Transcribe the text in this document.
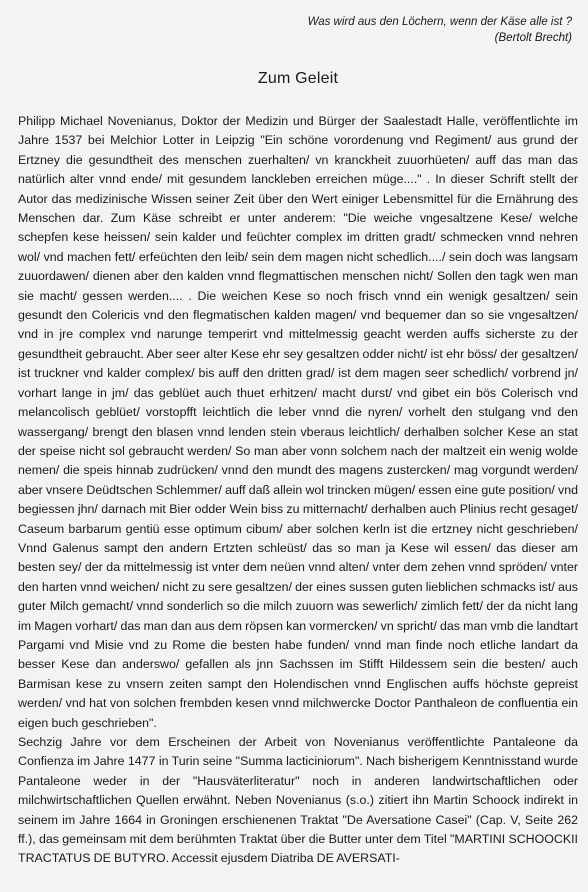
Was wird aus den Löchern, wenn der Käse alle ist ?
(Bertolt Brecht)
Zum Geleit

Philipp Michael Novenianus, Doktor der Medizin und Bürger der Saalestadt Halle, veröffentlichte im Jahre 1537 bei Melchior Lotter in Leipzig "Ein schöne vorordenung vnd Regiment/ aus grund der Ertzney die gesundtheit des menschen zuerhalten/ vn kranckheit zuuorhüeten/ auff das man das natürlich alter vnnd ende/ mit gesundem lanckleben erreichen müge...." . In dieser Schrift stellt der Autor das medizinische Wissen seiner Zeit über den Wert einiger Lebensmittel für die Ernährung des Menschen dar. Zum Käse schreibt er unter anderem: "Die weiche vngesaltzene Kese/ welche schepfen kese heissen/ sein kalder und feüchter complex im dritten gradt/ schmecken vnnd nehren wol/ vnd machen fett/ erfeüchten den leib/ sein dem magen nicht schedlich..../ sein doch was langsam zuuordawen/ dienen aber den kalden vnnd flegmattischen menschen nicht/ Sollen den tagk wen man sie macht/ gessen werden.... . Die weichen Kese so noch frisch vnnd ein wenigk gesaltzen/ sein gesundt den Colericis vnd den flegmatischen kalden magen/ vnd bequemer dan so sie vngesaltzen/ vnd in jre complex vnd narunge temperirt vnd mittelmessig geacht werden auffs sicherste zu der gesundtheit gebraucht. Aber seer alter Kese ehr sey gesaltzen odder nicht/ ist ehr böss/ der gesaltzen/ ist truckner vnd kalder complex/ bis auff den dritten grad/ ist dem magen seer schedlich/ vorbrend jn/ vorhart lange in jm/ das geblüet auch thuet erhitzen/ macht durst/ vnd gibet ein bös Colerisch vnd melancolisch geblüet/ vorstopfft leichtlich die leber vnnd die nyren/ vorhelt den stulgang vnd den wassergang/ brengt den blasen vnnd lenden stein vberaus leichtlich/ derhalben solcher Kese an stat der speise nicht sol gebraucht werden/ So man aber vonn solchem nach der maltzeit ein wenig wolde nemen/ die speis hinnab zudrücken/ vnnd den mundt des magens zustercken/ mag vorgundt werden/ aber vnsere Deüdtschen Schlemmer/ auff daß allein wol trincken mügen/ essen eine gute position/ vnd begiessen jhn/ darnach mit Bier odder Wein biss zu mitternacht/ derhalben auch Plinius recht gesaget/ Caseum barbarum gentiü esse optimum cibum/ aber solchen kerln ist die ertzney nicht geschrieben/ Vnnd Galenus sampt den andern Ertzten schleüst/ das so man ja Kese wil essen/ das dieser am besten sey/ der da mittelmessig ist vnter dem neüen vnnd alten/ vnter dem zehen vnnd spröden/ vnter den harten vnnd weichen/ nicht zu sere gesaltzen/ der eines sussen guten lieblichen schmacks ist/ aus guter Milch gemacht/ vnnd sonderlich so die milch zuuorn was sewerlich/ zimlich fett/ der da nicht lang im Magen vorhart/ das man dan aus dem röpsen kan vormercken/ vn spricht/ das man vmb die landtart Pargami vnd Misie vnd zu Rome die besten habe funden/ vnnd man finde noch etliche landart da besser Kese dan anderswo/ gefallen als jnn Sachssen im Stifft Hildessem sein die besten/ auch Barmisan kese zu vnsern zeiten sampt den Holendischen vnnd Englischen auffs höchste gepreist werden/ vnd hat von solchen frembden kesen vnnd milchwercke Doctor Panthaleon de confluentia ein eigen buch geschrieben".

Sechzig Jahre vor dem Erscheinen der Arbeit von Novenianus veröffentlichte Pantaleone da Confienza im Jahre 1477 in Turin seine "Summa lacticiniorum". Nach bisherigem Kenntnisstand wurde Pantaleone weder in der "Hausväterliteratur" noch in anderen landwirtschaftlichen oder milchwirtschaftlichen Quellen erwähnt. Neben Novenianus (s.o.) zitiert ihn Martin Schoock indirekt in seinem im Jahre 1664 in Groningen erschienenen Traktat "De Aversatione Casei" (Cap. V, Seite 262 ff.), das gemeinsam mit dem berühmten Traktat über die Butter unter dem Titel "MARTINI SCHOOCKII TRACTATUS DE BUTYRO. Accessit ejusdem Diatriba DE AVERSATI-
